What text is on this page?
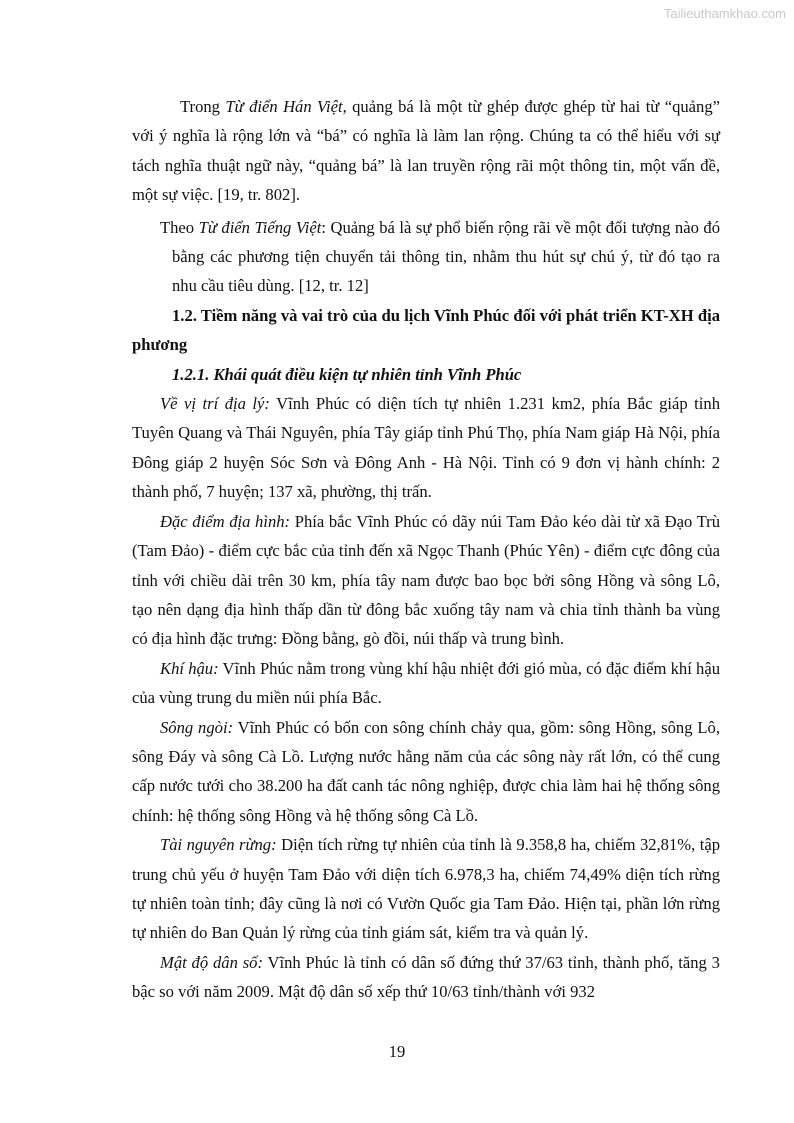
Tailieuthamkhao.com

Trong Từ điển Hán Việt, quảng bá là một từ ghép được ghép từ hai từ “quảng” với ý nghĩa là rộng lớn và “bá” có nghĩa là làm lan rộng. Chúng ta có thể hiểu với sự tách nghĩa thuật ngữ này, “quảng bá” là lan truyền rộng rãi một thông tin, một vấn đề, một sự việc. [19, tr. 802].

Theo Từ điển Tiếng Việt: Quảng bá là sự phổ biến rộng rãi về một đối tượng nào đó bằng các phương tiện chuyển tải thông tin, nhằm thu hút sự chú ý, từ đó tạo ra nhu cầu tiêu dùng. [12, tr. 12]

1.2. Tiềm năng và vai trò của du lịch Vĩnh Phúc đối với phát triển KT-XH địa phương

1.2.1. Khái quát điều kiện tự nhiên tỉnh Vĩnh Phúc

Về vị trí địa lý: Vĩnh Phúc có diện tích tự nhiên 1.231 km2, phía Bắc giáp tỉnh Tuyên Quang và Thái Nguyên, phía Tây giáp tỉnh Phú Thọ, phía Nam giáp Hà Nội, phía Đông giáp 2 huyện Sóc Sơn và Đông Anh - Hà Nội. Tỉnh có 9 đơn vị hành chính: 2 thành phố, 7 huyện; 137 xã, phường, thị trấn.

Đặc điểm địa hình: Phía bắc Vĩnh Phúc có dãy núi Tam Đảo kéo dài từ xã Đạo Trù (Tam Đảo) - điểm cực bắc của tỉnh đến xã Ngọc Thanh (Phúc Yên) - điểm cực đông của tỉnh với chiều dài trên 30 km, phía tây nam được bao bọc bởi sông Hồng và sông Lô, tạo nên dạng địa hình thấp dần từ đông bắc xuống tây nam và chia tỉnh thành ba vùng có địa hình đặc trưng: Đồng bằng, gò đồi, núi thấp và trung bình.

Khí hậu: Vĩnh Phúc nằm trong vùng khí hậu nhiệt đới gió mùa, có đặc điểm khí hậu của vùng trung du miền núi phía Bắc.

Sông ngòi: Vĩnh Phúc có bốn con sông chính chảy qua, gồm: sông Hồng, sông Lô, sông Đáy và sông Cà Lồ. Lượng nước hằng năm của các sông này rất lớn, có thể cung cấp nước tưới cho 38.200 ha đất canh tác nông nghiệp, được chia làm hai hệ thống sông chính: hệ thống sông Hồng và hệ thống sông Cà Lồ.

Tài nguyên rừng: Diện tích rừng tự nhiên của tỉnh là 9.358,8 ha, chiếm 32,81%, tập trung chủ yếu ở huyện Tam Đảo với diện tích 6.978,3 ha, chiếm 74,49% diện tích rừng tự nhiên toàn tỉnh; đây cũng là nơi có Vườn Quốc gia Tam Đảo. Hiện tại, phần lớn rừng tự nhiên do Ban Quản lý rừng của tỉnh giám sát, kiểm tra và quản lý.

Mật độ dân số: Vĩnh Phúc là tỉnh có dân số đứng thứ 37/63 tỉnh, thành phố, tăng 3 bậc so với năm 2009. Mật độ dân số xếp thứ 10/63 tỉnh/thành với 932

19
